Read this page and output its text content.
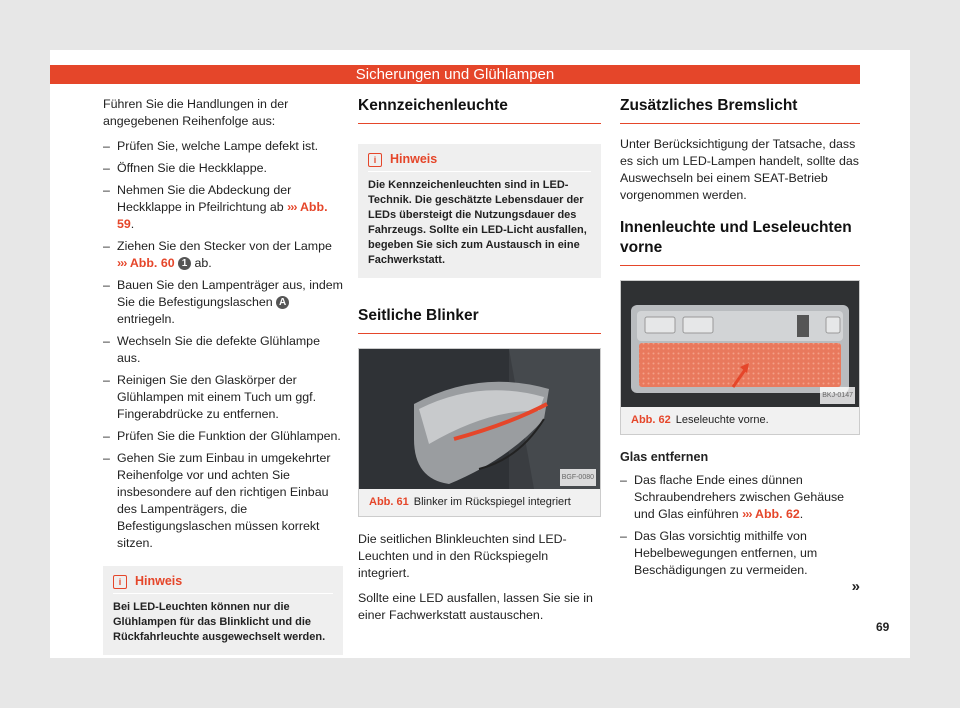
Sicherungen und Glühlampen

Führen Sie die Handlungen in der angegebenen Reihenfolge aus:

– Prüfen Sie, welche Lampe defekt ist.
– Öffnen Sie die Heckklappe.
– Nehmen Sie die Abdeckung der Heckklappe in Pfeilrichtung ab ››› Abb. 59.
– Ziehen Sie den Stecker von der Lampe ››› Abb. 60 1 ab.
– Bauen Sie den Lampenträger aus, indem Sie die Befestigungslaschen A entriegeln.
– Wechseln Sie die defekte Glühlampe aus.
– Reinigen Sie den Glaskörper der Glühlampen mit einem Tuch um ggf. Fingerabdrücke zu entfernen.
– Prüfen Sie die Funktion der Glühlampen.
– Gehen Sie zum Einbau in umgekehrter Reihenfolge vor und achten Sie insbesondere auf den richtigen Einbau des Lampenträgers, die Befestigungslaschen müssen korrekt sitzen.
i	Hinweis
Bei LED-Leuchten können nur die Glühlampen für das Blinklicht und die Rückfahrleuchte ausgewechselt werden.
Kennzeichenleuchte
i	Hinweis
Die Kennzeichenleuchten sind in LED-Technik. Die geschätzte Lebensdauer der LEDs übersteigt die Nutzungsdauer des Fahrzeugs. Sollte ein LED-Licht ausfallen, begeben Sie sich zum Austausch in eine Fachwerkstatt.
Seitliche Blinker
BGF-0080
Abb. 61 Blinker im Rückspiegel integriert

Die seitlichen Blinkleuchten sind LED-Leuchten und in den Rückspiegeln integriert.

Sollte eine LED ausfallen, lassen Sie sie in einer Fachwerkstatt austauschen.

Zusätzliches Bremslicht

Unter Berücksichtigung der Tatsache, dass es sich um LED-Lampen handelt, sollte das Auswechseln bei einem SEAT-Betrieb vorgenommen werden.

Innenleuchte und Leseleuchten vorne
BKJ-0147
Abb. 62 Leseleuchte vorne.
Glas entfernen
– Das flache Ende eines dünnen Schraubendrehers zwischen Gehäuse und Glas einführen ››› Abb. 62.
– Das Glas vorsichtig mithilfe von Hebelbewegungen entfernen, um Beschädigungen zu vermeiden.
»
69
